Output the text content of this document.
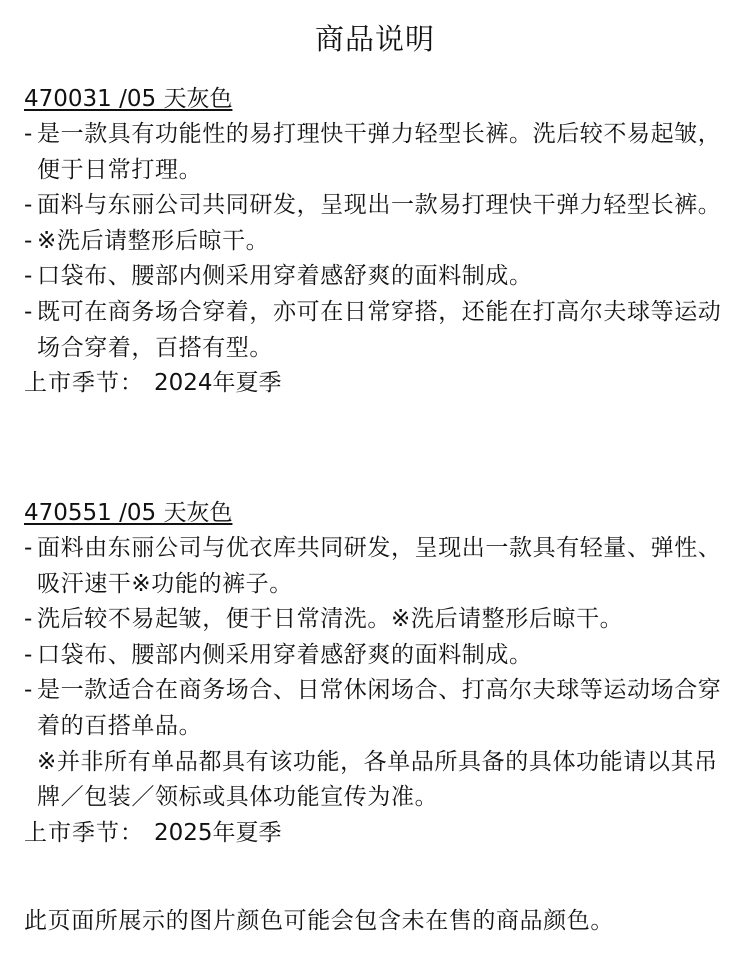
商品说明
470031 /05 天灰色
- 是一款具有功能性的易打理快干弹力轻型长裤。洗后较不易起皱，便于日常打理。
- 面料与东丽公司共同研发，呈现出一款易打理快干弹力轻型长裤。
- ※洗后请整形后晾干。
- 口袋布、腰部内侧采用穿着感舒爽的面料制成。
- 既可在商务场合穿着，亦可在日常穿搭，还能在打高尔夫球等运动场合穿着，百搭有型。
上市季节： 2024年夏季
470551 /05 天灰色
- 面料由东丽公司与优衣库共同研发，呈现出一款具有轻量、弹性、吸汗速干※功能的裤子。
- 洗后较不易起皱，便于日常清洗。※洗后请整形后晾干。
- 口袋布、腰部内侧采用穿着感舒爽的面料制成。
- 是一款适合在商务场合、日常休闲场合、打高尔夫球等运动场合穿着的百搭单品。
※并非所有单品都具有该功能，各单品所具备的具体功能请以其吊牌／包装／领标或具体功能宣传为准。
上市季节： 2025年夏季
此页面所展示的图片颜色可能会包含未在售的商品颜色。
